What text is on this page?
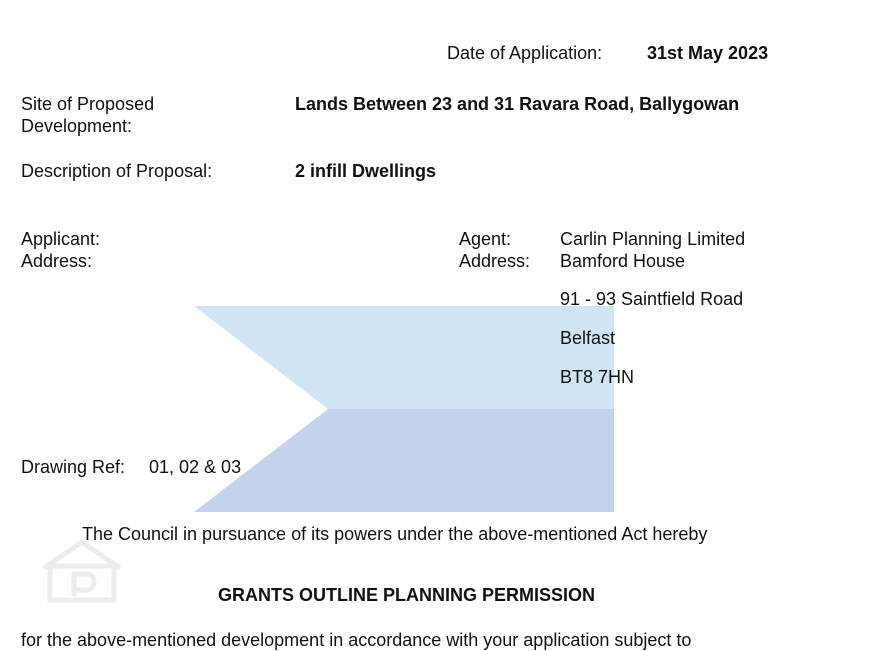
Date of Application: 31st May 2023
Site of Proposed
Development:
Lands Between 23 and 31 Ravara Road, Ballygowan
Description of Proposal:	2 infill Dwellings
Applicant:
Address:
Agent:	Carlin Planning Limited
Address: Bamford House
91 - 93 Saintfield Road
Belfast
BT8 7HN
Drawing Ref: 01, 02 & 03
The Council in pursuance of its powers under the above-mentioned Act hereby
GRANTS OUTLINE PLANNING PERMISSION
for the above-mentioned development in accordance with your application subject to
